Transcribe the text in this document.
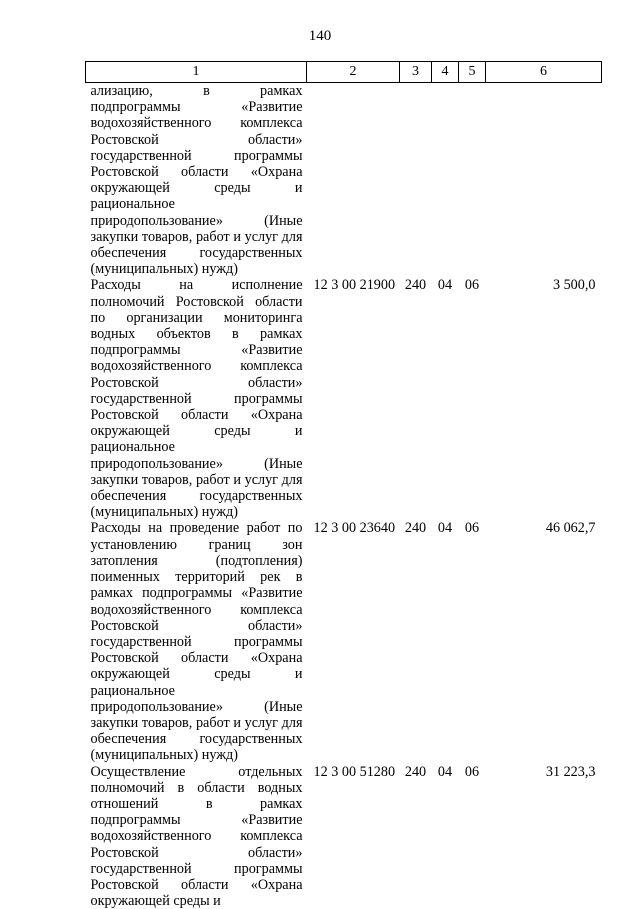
140
1	2	3	4	5	6
ализацию, в рамках подпрограммы «Развитие водохозяйственного комплекса Ростовской области» государственной программы Ростовской области «Охрана окружающей среды и рациональное природопользование» (Иные закупки товаров, работ и услуг для обеспечения государственных (муниципальных) нужд)					
Расходы на исполнение полномочий Ростовской области по организации мониторинга водных объектов в рамках подпрограммы «Развитие водохозяйственного комплекса Ростовской области» государственной программы Ростовской области «Охрана окружающей среды и рациональное природопользование» (Иные закупки товаров, работ и услуг для обеспечения государственных (муниципальных) нужд)	12 3 00 21900	240	04	06	3 500,0
Расходы на проведение работ по установлению границ зон затопления (подтопления) поименных территорий рек в рамках подпрограммы «Развитие водохозяйственного комплекса Ростовской области» государственной программы Ростовской области «Охрана окружающей среды и рациональное природопользование» (Иные закупки товаров, работ и услуг для обеспечения государственных (муниципальных) нужд)	12 3 00 23640	240	04	06	46 062,7
Осуществление отдельных полномочий в области водных отношений в рамках подпрограммы «Развитие водохозяйственного комплекса Ростовской области» государственной программы Ростовской области «Охрана окружающей среды и	12 3 00 51280	240	04	06	31 223,3
